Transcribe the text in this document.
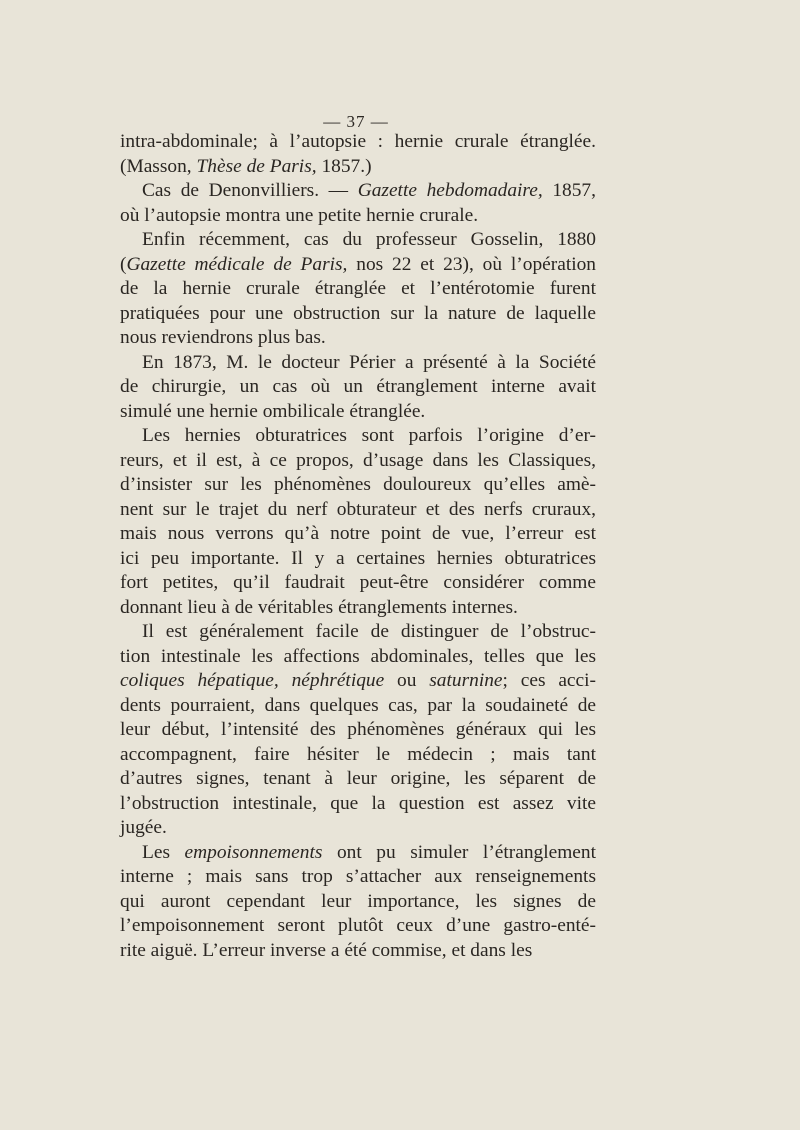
— 37 —

intra-abdominale; à l’autopsie : hernie crurale étranglée.

(Masson, Thèse de Paris, 1857.)

Cas de Denonvilliers. — Gazette hebdomadaire, 1857,

où l’autopsie montra une petite hernie crurale.

Enfin récemment, cas du professeur Gosselin, 1880

(Gazette médicale de Paris, nos 22 et 23), où l’opération

de la hernie crurale étranglée et l’entérotomie furent

pratiquées pour une obstruction sur la nature de laquelle

nous reviendrons plus bas.

En 1873, M. le docteur Périer a présenté à la Société

de chirurgie, un cas où un étranglement interne avait

simulé une hernie ombilicale étranglée.

Les hernies obturatrices sont parfois l’origine d’er-

reurs, et il est, à ce propos, d’usage dans les Classiques,

d’insister sur les phénomènes douloureux qu’elles amè-

nent sur le trajet du nerf obturateur et des nerfs cruraux,

mais nous verrons qu’à notre point de vue, l’erreur est

ici peu importante. Il y a certaines hernies obturatrices

fort petites, qu’il faudrait peut-être considérer comme

donnant lieu à de véritables étranglements internes.

Il est généralement facile de distinguer de l’obstruc-

tion intestinale les affections abdominales, telles que les

coliques hépatique, néphrétique ou saturnine; ces acci-

dents pourraient, dans quelques cas, par la soudaineté de

leur début, l’intensité des phénomènes généraux qui les

accompagnent, faire hésiter le médecin ; mais tant

d’autres signes, tenant à leur origine, les séparent de

l’obstruction intestinale, que la question est assez vite

jugée.

Les empoisonnements ont pu simuler l’étranglement

interne ; mais sans trop s’attacher aux renseignements

qui auront cependant leur importance, les signes de

l’empoisonnement seront plutôt ceux d’une gastro-enté-

rite aiguë. L’erreur inverse a été commise, et dans les
